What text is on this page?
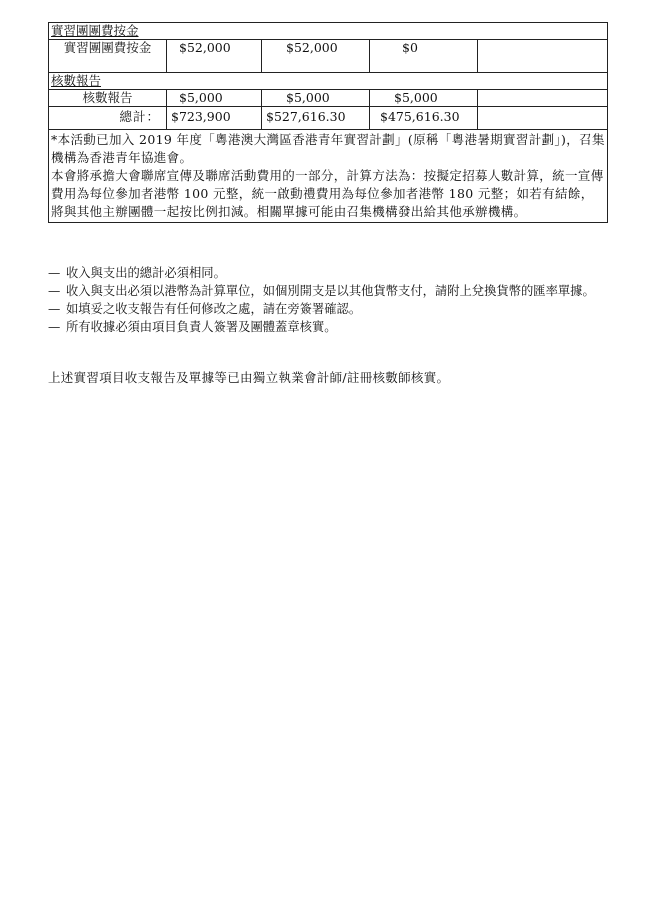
實習團團費按金				
實習團團費按金	$52,000	$52,000	$0	
核數報告				
核數報告	$5,000	$5,000	$5,000	
總計：	$723,900	$527,616.30	$475,616.30	

*本活動已加入 2019 年度「粵港澳大灣區香港青年實習計劃」(原稱「粵港暑期實習計劃」)，召集機構為香港青年協進會。

本會將承擔大會聯席宣傳及聯席活動費用的一部分，計算方法為：按擬定招募人數計算，統一宣傳費用為每位參加者港幣 100 元整，統一啟動禮費用為每位參加者港幣 180 元整；如若有結餘，將與其他主辦團體一起按比例扣減。相關單據可能由召集機構發出給其他承辦機構。				

— 收入與支出的總計必須相同。
— 收入與支出必須以港幣為計算單位，如個別開支是以其他貨幣支付，請附上兌換貨幣的匯率單據。
— 如填妥之收支報告有任何修改之處，請在旁簽署確認。
— 所有收據必須由項目負責人簽署及團體蓋章核實。
上述實習項目收支報告及單據等已由獨立執業會計師/註冊核數師核實。
